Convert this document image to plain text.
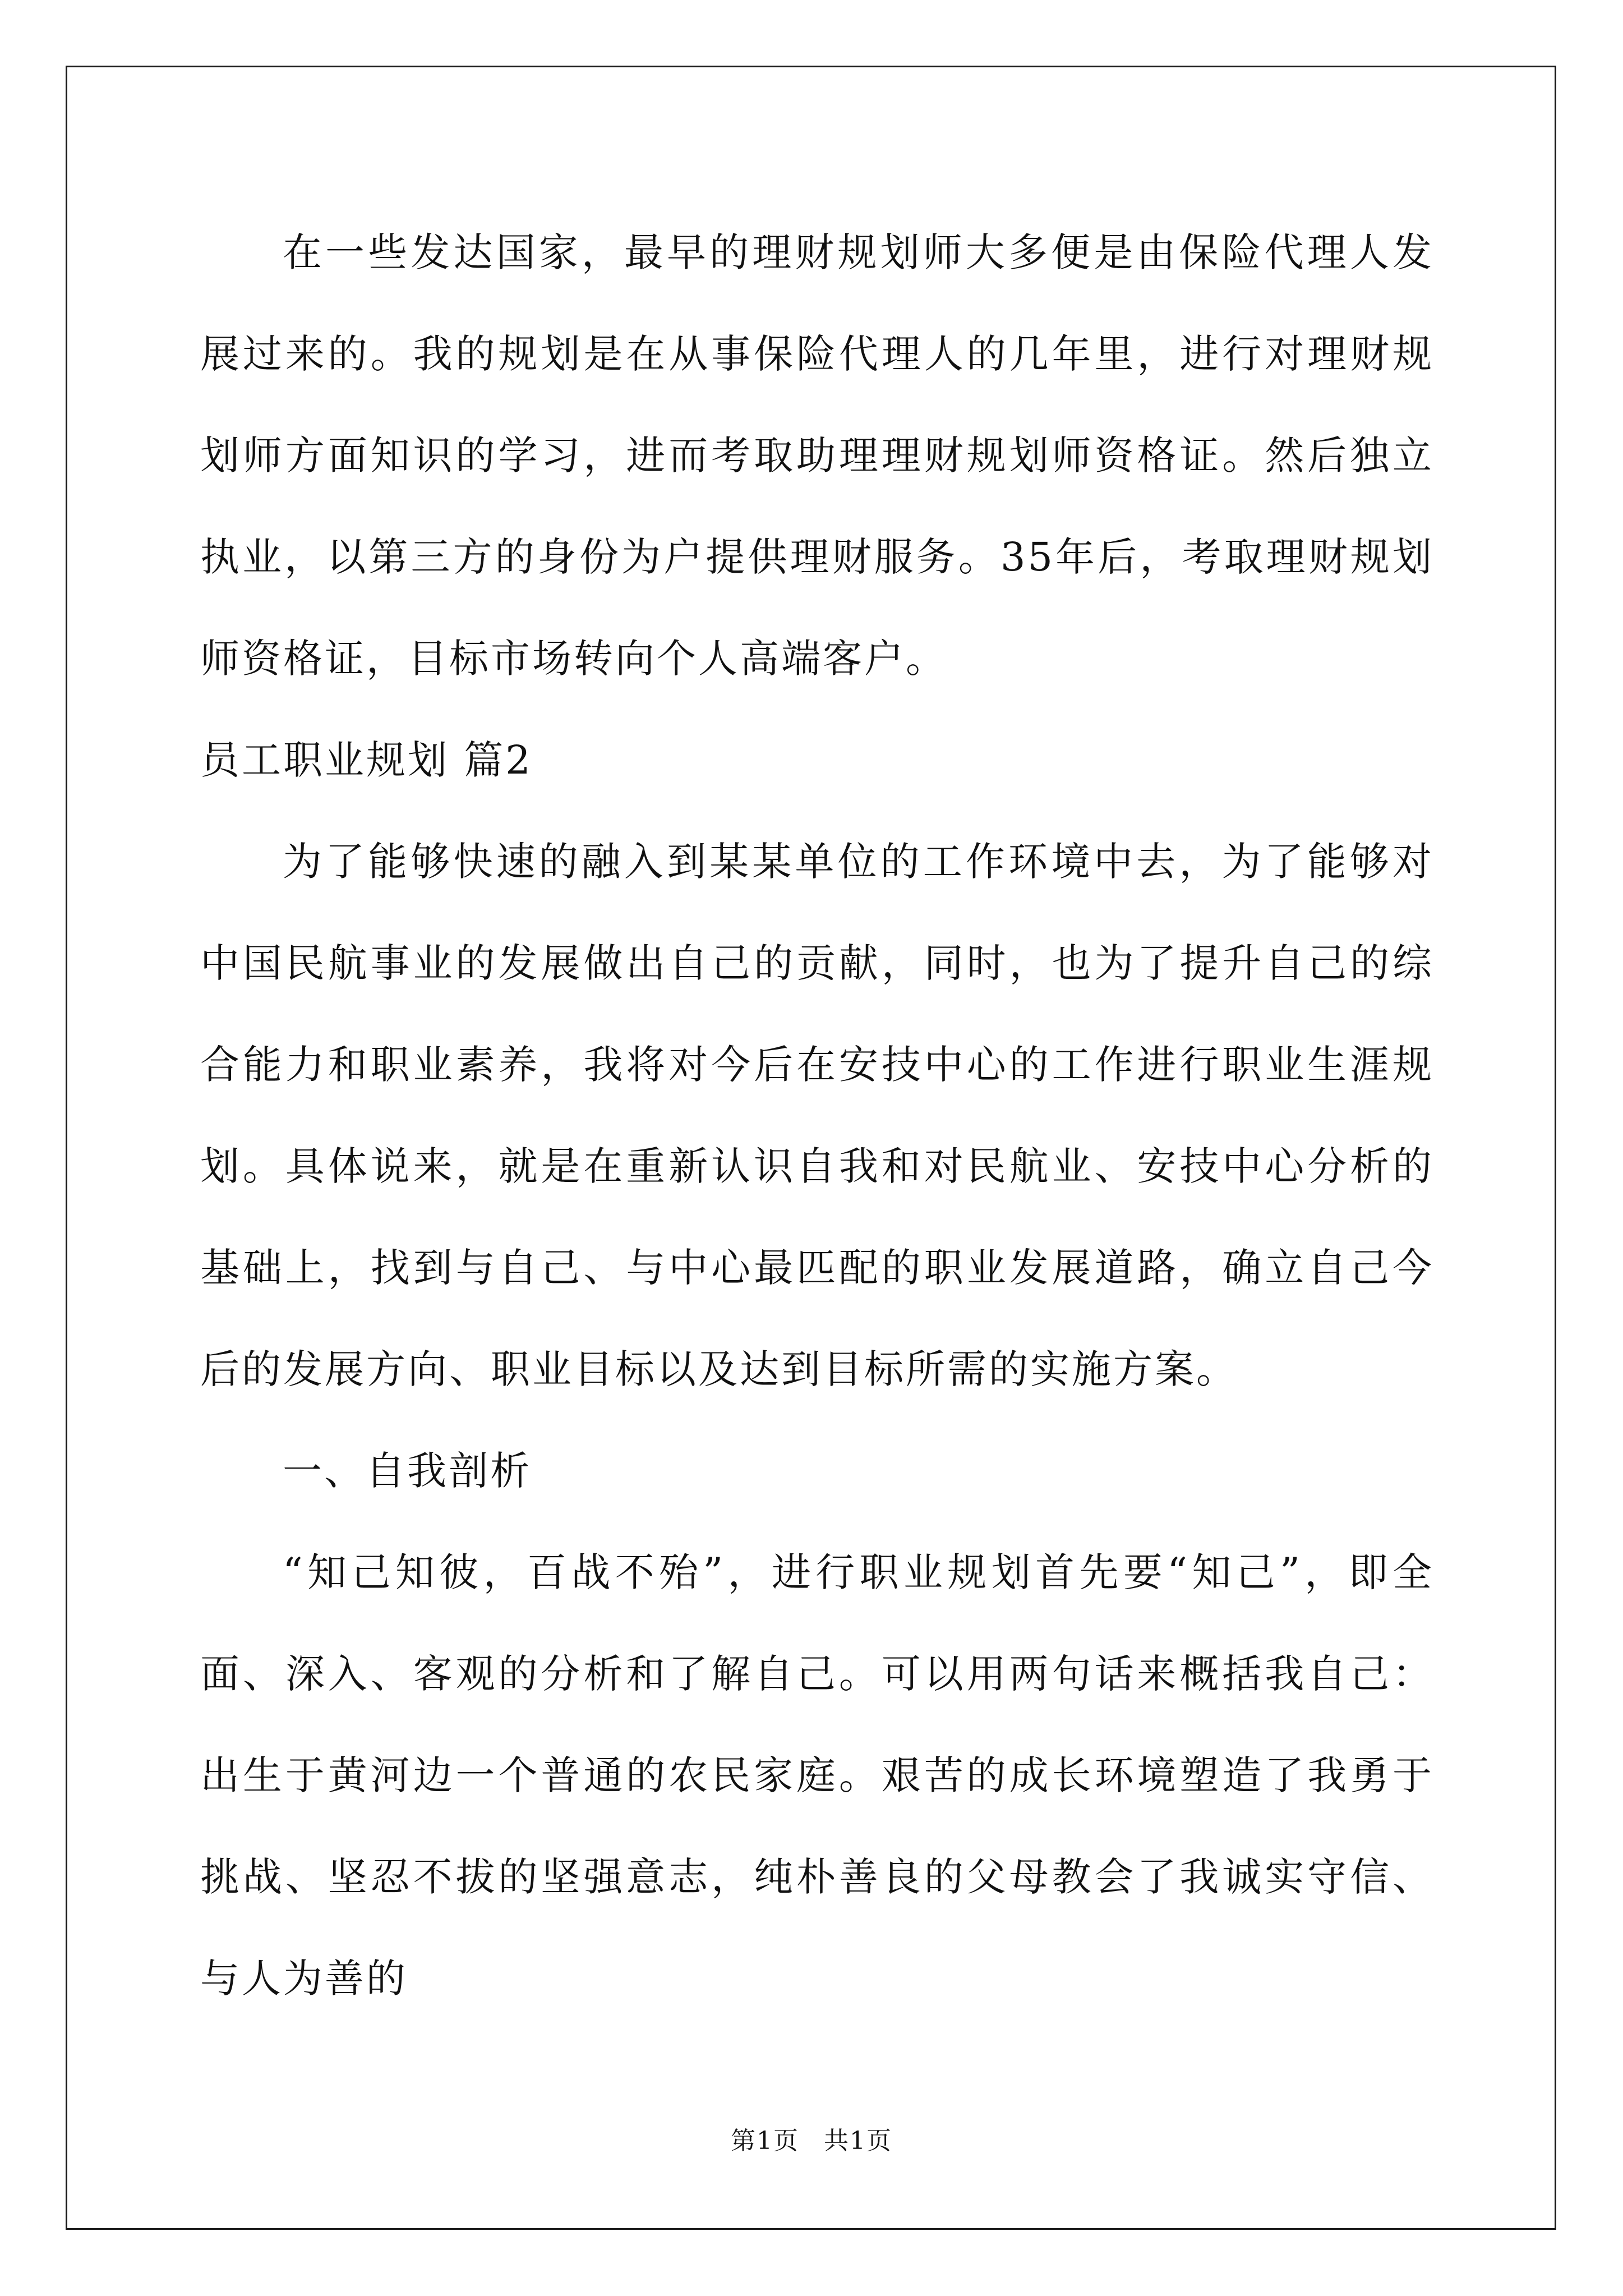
在一些发达国家，最早的理财规划师大多便是由保险代理人发展过来的。我的规划是在从事保险代理人的几年里，进行对理财规划师方面知识的学习，进而考取助理理财规划师资格证。然后独立执业，以第三方的身份为户提供理财服务。35年后，考取理财规划师资格证，目标市场转向个人高端客户。

员工职业规划 篇2

为了能够快速的融入到某某单位的工作环境中去，为了能够对中国民航事业的发展做出自己的贡献，同时，也为了提升自己的综合能力和职业素养，我将对今后在安技中心的工作进行职业生涯规划。具体说来，就是在重新认识自我和对民航业、安技中心分析的基础上，找到与自己、与中心最匹配的职业发展道路，确立自己今后的发展方向、职业目标以及达到目标所需的实施方案。

一、自我剖析

“知己知彼，百战不殆”，进行职业规划首先要“知己”，即全面、深入、客观的分析和了解自己。可以用两句话来概括我自己：出生于黄河边一个普通的农民家庭。艰苦的成长环境塑造了我勇于挑战、坚忍不拔的坚强意志，纯朴善良的父母教会了我诚实守信、与人为善的

第1页 共1页
